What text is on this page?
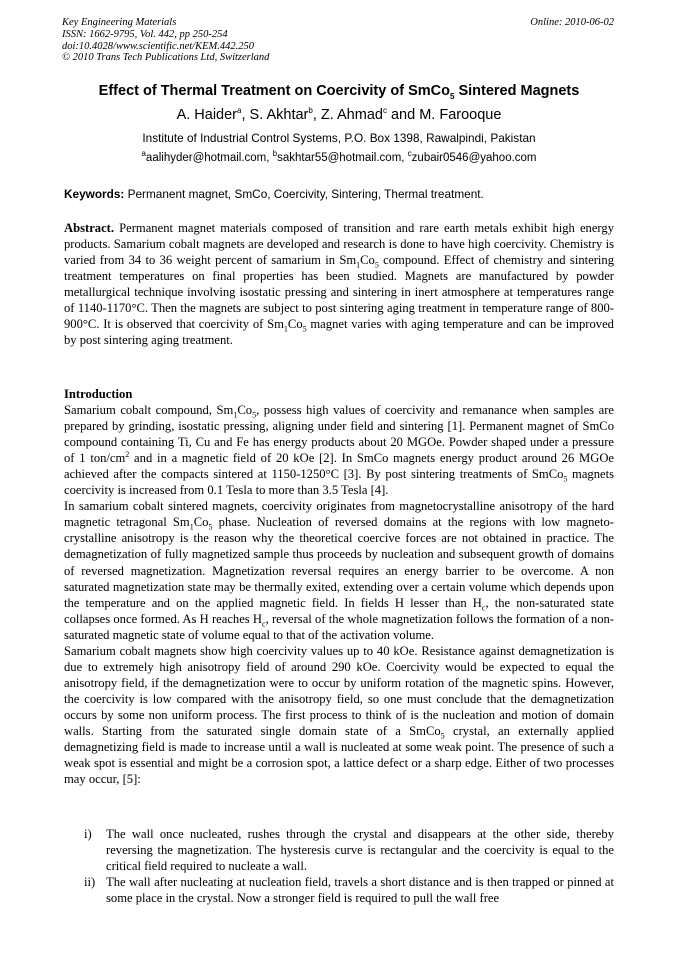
Key Engineering Materials
ISSN: 1662-9795, Vol. 442, pp 250-254
doi:10.4028/www.scientific.net/KEM.442.250
© 2010 Trans Tech Publications Ltd, Switzerland
Online: 2010-06-02
Effect of Thermal Treatment on Coercivity of SmCo$_5$ Sintered Magnets
A. Haider$^a$, S. Akhtar$^b$, Z. Ahmad$^c$ and M. Farooque
Institute of Industrial Control Systems, P.O. Box 1398, Rawalpindi, Pakistan
$^a$aalihyder@hotmail.com, $^b$sakhtar55@hotmail.com, $^c$zubair0546@yahoo.com
Keywords: Permanent magnet, SmCo, Coercivity, Sintering, Thermal treatment.
Abstract. Permanent magnet materials composed of transition and rare earth metals exhibit high energy products. Samarium cobalt magnets are developed and research is done to have high coercivity. Chemistry is varied from 34 to 36 weight percent of samarium in $Sm_1Co_5$ compound. Effect of chemistry and sintering treatment temperatures on final properties has been studied. Magnets are manufactured by powder metallurgical technique involving isostatic pressing and sintering in inert atmosphere at temperatures range of 1140-1170°C. Then the magnets are subject to post sintering aging treatment in temperature range of 800-900°C. It is observed that coercivity of $Sm_1Co_5$ magnet varies with aging temperature and can be improved by post sintering aging treatment.
Introduction

Samarium cobalt compound, $Sm_1Co_5$, possess high values of coercivity and remanance when samples are prepared by grinding, isostatic pressing, aligning under field and sintering [1]. Permanent magnet of SmCo compound containing Ti, Cu and Fe has energy products about 20 MGOe. Powder shaped under a pressure of 1 ton/$cm^2$ and in a magnetic field of 20 kOe [2]. In SmCo magnets energy product around 26 MGOe achieved after the compacts sintered at 1150-1250°C [3]. By post sintering treatments of SmCo$_5$ magnets coercivity is increased from 0.1 Tesla to more than 3.5 Tesla [4].

In samarium cobalt sintered magnets, coercivity originates from magnetocrystalline anisotropy of the hard magnetic tetragonal $Sm_1Co_5$ phase. Nucleation of reversed domains at the regions with low magneto-crystalline anisotropy is the reason why the theoretical coercive forces are not obtained in practice. The demagnetization of fully magnetized sample thus proceeds by nucleation and subsequent growth of domains of reversed magnetization. Magnetization reversal requires an energy barrier to be overcome. A non saturated magnetization state may be thermally exited, extending over a certain volume which depends upon the temperature and on the applied magnetic field. In fields H lesser than $H_c$, the non-saturated state collapses once formed. As H reaches $H_c$, reversal of the whole magnetization follows the formation of a non-saturated magnetic state of volume equal to that of the activation volume.

Samarium cobalt magnets show high coercivity values up to 40 kOe. Resistance against demagnetization is due to extremely high anisotropy field of around 290 kOe. Coercivity would be expected to equal the anisotropy field, if the demagnetization were to occur by uniform rotation of the magnetic spins. However, the coercivity is low compared with the anisotropy field, so one must conclude that the demagnetization occurs by some non uniform process. The first process to think of is the nucleation and motion of domain walls. Starting from the saturated single domain state of a SmCo$_5$ crystal, an externally applied demagnetizing field is made to increase until a wall is nucleated at some weak point. The presence of such a weak spot is essential and might be a corrosion spot, a lattice defect or a sharp edge. Either of two processes may occur, [5]:

i) The wall once nucleated, rushes through the crystal and disappears at the other side, thereby reversing the magnetization. The hysteresis curve is rectangular and the coercivity is equal to the critical field required to nucleate a wall.
ii) The wall after nucleating at nucleation field, travels a short distance and is then trapped or pinned at some place in the crystal. Now a stronger field is required to pull the wall free
